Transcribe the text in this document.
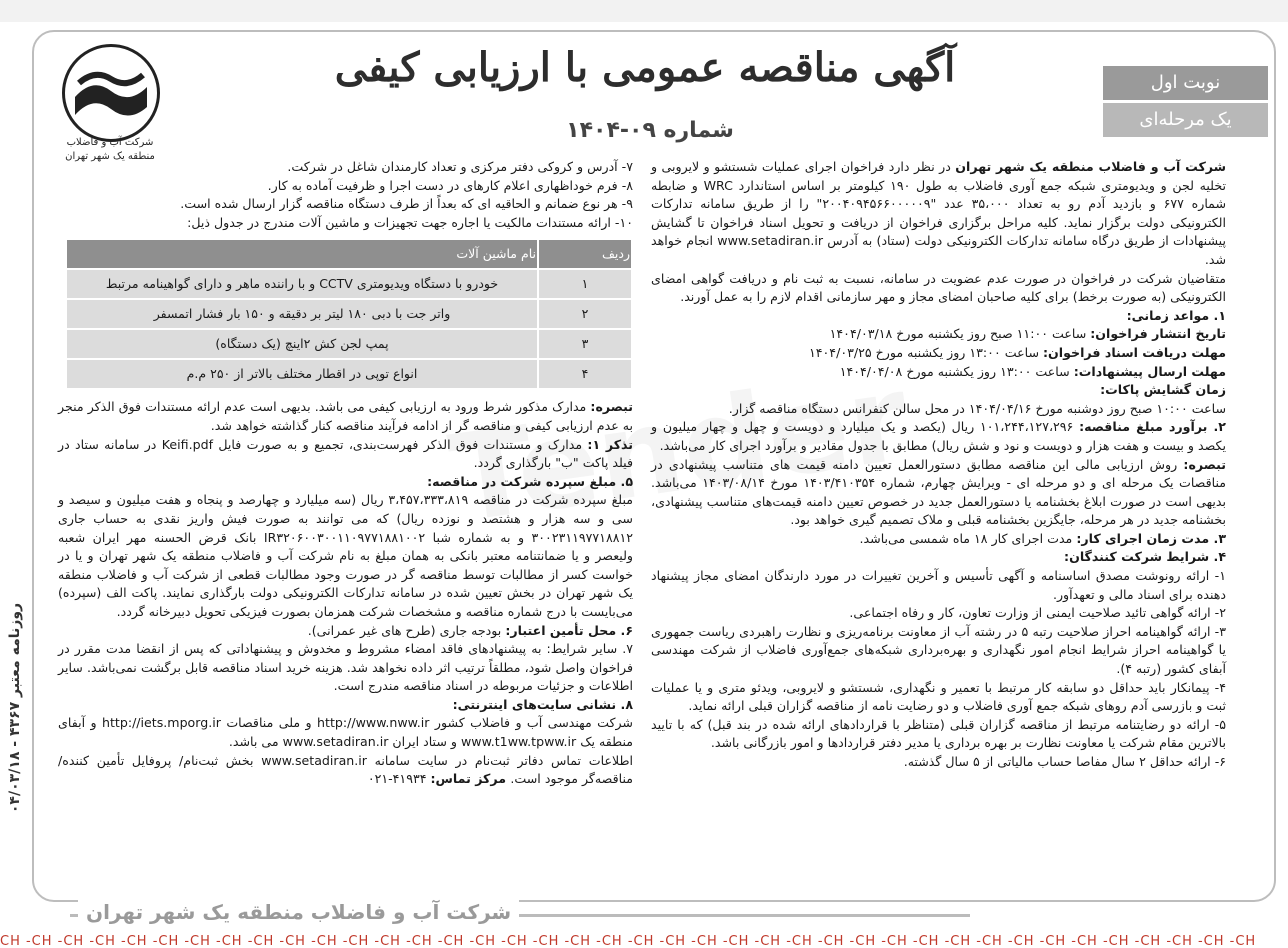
آگهی مناقصه عمومی با ارزیابی کیفی
شماره ۰۹-۱۴۰۴
نوبت اول
یک مرحله‌ای
شرکت آب و فاضلاب
منطقه یک شهر تهران

شرکت آب و فاضلاب منطقه یک شهر تهران در نظر دارد فراخوان اجرای عملیات شستشو و لایروبی و تخلیه لجن و ویدیومتری شبکه جمع آوری فاضلاب به طول ۱۹۰ کیلومتر بر اساس استاندارد WRC و ضابطه شماره ۶۷۷ و بازدید آدم رو به تعداد ۳۵،۰۰۰ عدد "۲۰۰۴۰۹۴۵۶۶۰۰۰۰۰۹" را از طریق سامانه تدارکات الکترونیکی دولت برگزار نماید. کلیه مراحل برگزاری فراخوان از دریافت و تحویل اسناد فراخوان تا گشایش پیشنهادات از طریق درگاه سامانه تدارکات الکترونیکی دولت (ستاد) به آدرس www.setadiran.ir انجام خواهد شد.

متقاضیان شرکت در فراخوان در صورت عدم عضویت در سامانه، نسبت به ثبت نام و دریافت گواهی امضای الکترونیکی (به صورت برخط) برای کلیه صاحبان امضای مجاز و مهر سازمانی اقدام لازم را به عمل آورند.

۱. مواعد زمانی:

تاریخ انتشار فراخوان: ساعت ۱۱:۰۰ صبح روز یکشنبه مورخ ۱۴۰۴/۰۳/۱۸

مهلت دریافت اسناد فراخوان: ساعت ۱۳:۰۰ روز یکشنبه مورخ ۱۴۰۴/۰۳/۲۵

مهلت ارسال پیشنهادات: ساعت ۱۳:۰۰ روز یکشنبه مورخ ۱۴۰۴/۰۴/۰۸

زمان گشایش پاکات:

ساعت ۱۰:۰۰ صبح روز دوشنبه مورخ ۱۴۰۴/۰۴/۱۶ در محل سالن کنفرانس دستگاه مناقصه گزار.

۲. برآورد مبلغ مناقصه: ۱۰۱،۲۴۴،۱۲۷،۲۹۶ ریال (یکصد و یک میلیارد و دویست و چهل و چهار میلیون و یکصد و بیست و هفت هزار و دویست و نود و شش ریال) مطابق با جدول مقادیر و برآورد اجرای کار می‌باشد.

تبصره: روش ارزیابی مالی این مناقصه مطابق دستورالعمل تعیین دامنه قیمت های متناسب پیشنهادی در مناقصات یک مرحله ای و دو مرحله ای - ویرایش چهارم، شماره ۱۴۰۳/۴۱۰۳۵۴ مورخ ۱۴۰۳/۰۸/۱۴ می‌باشد. بدیهی است در صورت ابلاغ بخشنامه یا دستورالعمل جدید در خصوص تعیین دامنه قیمت‌های متناسب پیشنهادی، بخشنامه جدید در هر مرحله، جایگزین بخشنامه قبلی و ملاک تصمیم گیری خواهد بود.

۳. مدت زمان اجرای کار: مدت اجرای کار ۱۸ ماه شمسی می‌باشد.

۴. شرایط شرکت کنندگان:

۱- ارائه رونوشت مصدق اساسنامه و آگهی تأسیس و آخرین تغییرات در مورد دارندگان امضای مجاز پیشنهاد دهنده برای اسناد مالی و تعهدآور.

۲- ارائه گواهی تائید صلاحیت ایمنی از وزارت تعاون، کار و رفاه اجتماعی.

۳- ارائه گواهینامه احراز صلاحیت رتبه ۵ در رشته آب از معاونت برنامه‌ریزی و نظارت راهبردی ریاست جمهوری یا گواهینامه احراز شرایط انجام امور نگهداری و بهره‌برداری شبکه‌های جمع‌آوری فاضلاب از شرکت مهندسی آبفای کشور (رتبه ۴).

۴- پیمانکار باید حداقل دو سابقه کار مرتبط با تعمیر و نگهداری، شستشو و لایروبی، ویدئو متری و یا عملیات ثبت و بازرسی آدم روهای شبکه جمع آوری فاضلاب و دو رضایت نامه از مناقصه گزاران قبلی ارائه نماید.

۵- ارائه دو رضایتنامه مرتبط از مناقصه گزاران قبلی (متناظر با قراردادهای ارائه شده در بند قبل) که با تایید بالاترین مقام شرکت یا معاونت نظارت بر بهره برداری یا مدیر دفتر قراردادها و امور بازرگانی باشد.

۶- ارائه حداقل ۲ سال مفاصا حساب مالیاتی از ۵ سال گذشته.

۷- آدرس و کروکی دفتر مرکزی و تعداد کارمندان شاغل در شرکت.

۸- فرم خوداظهاری اعلام کارهای در دست اجرا و ظرفیت آماده به کار.

۹- هر نوع ضمانم و الحاقیه ای که بعداً از طرف دستگاه مناقصه گزار ارسال شده است.

۱۰- ارائه مستندات مالکیت یا اجاره جهت تجهیزات و ماشین آلات مندرج در جدول ذیل:

ردیف	نام ماشین آلات
۱	خودرو با دستگاه ویدیومتری CCTV و با راننده ماهر و دارای گواهینامه مرتبط
۲	واتر جت با دبی ۱۸۰ لیتر بر دقیقه و ۱۵۰ بار فشار اتمسفر
۳	پمپ لجن کش ۲اینچ (یک دستگاه)
۴	انواع توپی در اقطار مختلف بالاتر از ۲۵۰ م.م

تبصره: مدارک مذکور شرط ورود به ارزیابی کیفی می باشد. بدیهی است عدم ارائه مستندات فوق الذکر منجر به عدم ارزیابی کیفی و مناقصه گر از ادامه فرآیند مناقصه کنار گذاشته خواهد شد.

تذکر ۱: مدارک و مستندات فوق الذکر فهرست‌بندی، تجمیع و به صورت فایل Keifi.pdf در سامانه ستاد در فیلد پاکت "ب" بارگذاری گردد.

۵. مبلغ سپرده شرکت در مناقصه:

مبلغ سپرده شرکت در مناقصه ۳،۴۵۷،۳۳۳،۸۱۹ ریال (سه میلیارد و چهارصد و پنجاه و هفت میلیون و سیصد و سی و سه هزار و هشتصد و نوزده ریال) که می توانند به صورت فیش واریز نقدی به حساب جاری ۳۰۰۲۳۱۱۹۷۷۱۸۸۱۲ و به شماره شبا IR۳۲۰۶۰۰۳۰۰۱۱۰۹۷۷۱۸۸۱۰۰۲ بانک قرض الحسنه مهر ایران شعبه ولیعصر و یا ضمانتنامه معتبر بانکی به همان مبلغ به نام شرکت آب و فاضلاب منطقه یک شهر تهران و یا در خواست کسر از مطالبات توسط مناقصه گر در صورت وجود مطالبات قطعی از شرکت آب و فاضلاب منطقه یک شهر تهران در بخش تعیین شده در سامانه تدارکات الکترونیکی دولت بارگذاری نمایند. پاکت الف (سپرده) می‌بایست با درج شماره مناقصه و مشخصات شرکت همزمان بصورت فیزیکی تحویل دبیرخانه گردد.

۶. محل تأمین اعتبار: بودجه جاری (طرح های غیر عمرانی).

۷. سایر شرایط: به پیشنهادهای فاقد امضاء مشروط و مخدوش و پیشنهاداتی که پس از انقضا مدت مقرر در فراخوان واصل شود، مطلقاً ترتیب اثر داده نخواهد شد. هزینه خرید اسناد مناقصه قابل برگشت نمی‌باشد. سایر اطلاعات و جزئیات مربوطه در اسناد مناقصه مندرج است.

۸. نشانی سایت‌های اینترنتی:

شرکت مهندسی آب و فاضلاب کشور http://www.nww.ir و ملی مناقصات http://iets.mporg.ir و آبفای منطقه یک www.t1ww.tpww.ir و ستاد ایران www.setadiran.ir می باشد.

اطلاعات تماس دفاتر ثبت‌نام در سایت سامانه www.setadiran.ir بخش ثبت‌نام/ پروفایل تأمین کننده/ مناقصه‌گر موجود است. مرکز تماس: ۴۱۹۳۴-۰۲۱

شرکت آب و فاضلاب منطقه یک شهر تهران
روزنامه معتبر ۴۳۶۷ - ۰۴/۰۳/۱۸
CH -CH -CH -CH -CH -CH -CH -CH -CH -CH -CH -CH -CH -CH -CH -CH -CH -CH -CH -CH -CH -CH -CH -CH -CH -CH -CH -CH -CH -CH -CH -CH -CH -CH -CH -CH -CH -CH -CH -CH
